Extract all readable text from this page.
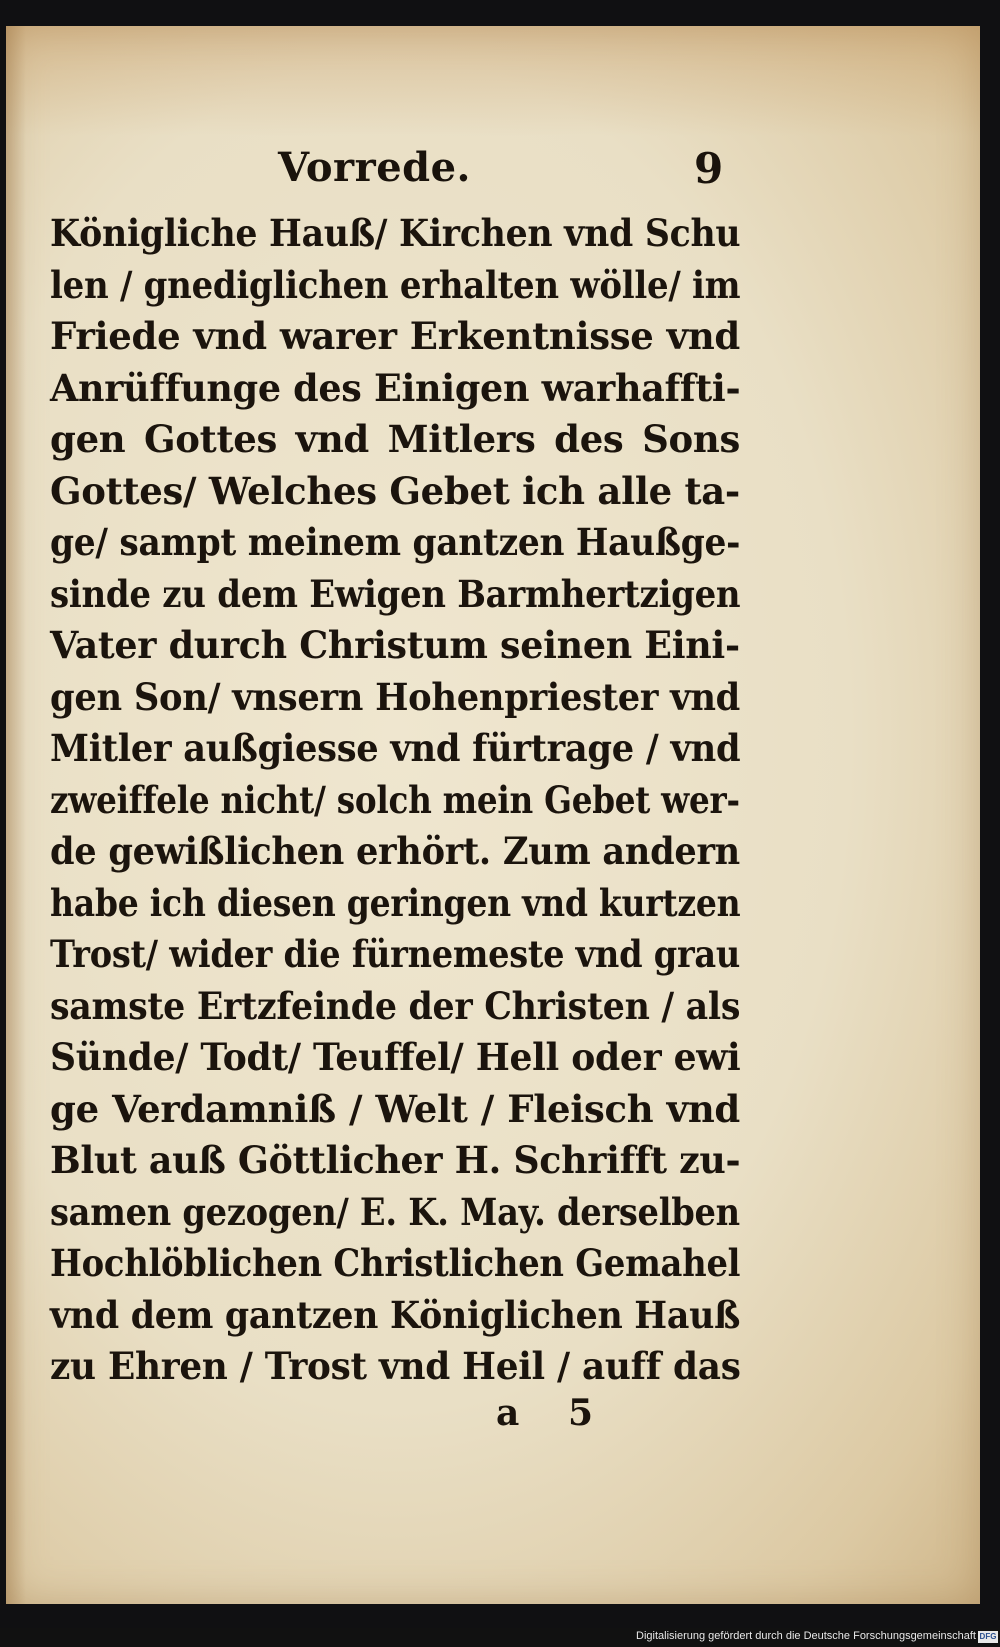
Vorrede.	9
Königliche Hauß/ Kirchen vnd Schu
len / gnediglichen erhalten wölle/ im
Friede vnd warer Erkentnisse vnd
Anrüffunge des Einigen warhaffti-
gen Gottes vnd Mitlers des Sons
Gottes/ Welches Gebet ich alle ta-
ge/ sampt meinem gantzen Haußge-
sinde zu dem Ewigen Barmhertzigen
Vater durch Christum seinen Eini-
gen Son/ vnsern Hohenpriester vnd
Mitler außgiesse vnd fürtrage / vnd
zweiffele nicht/ solch mein Gebet wer-
de gewißlichen erhört. Zum andern
habe ich diesen geringen vnd kurtzen
Trost/ wider die fürnemeste vnd grau
samste Ertzfeinde der Christen / als
Sünde/ Todt/ Teuffel/ Hell oder ewi
ge Verdamniß / Welt / Fleisch vnd
Blut auß Göttlicher H. Schrifft zu-
samen gezogen/ E. K. May. derselben
Hochlöblichen Christlichen Gemahel
vnd dem gantzen Königlichen Hauß
zu Ehren / Trost vnd Heil / auff das
a 5
Digitalisierung gefördert durch die Deutsche Forschungsgemeinschaft DFG
